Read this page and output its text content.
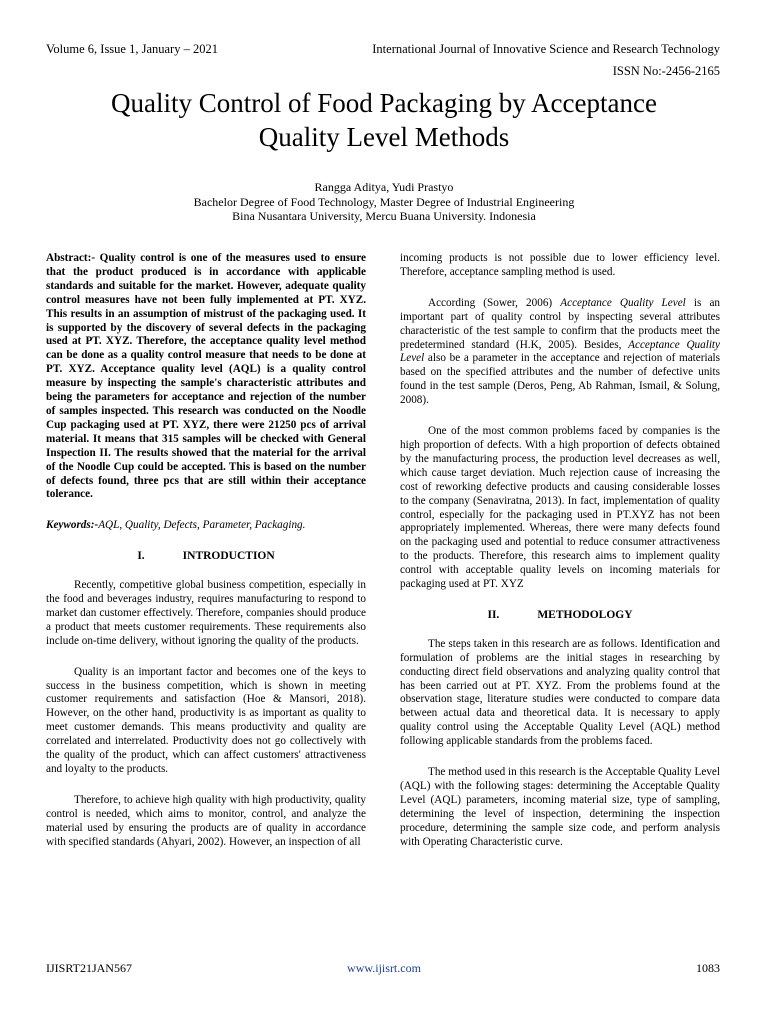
Volume 6, Issue 1, January – 2021	International Journal of Innovative Science and Research Technology
ISSN No:-2456-2165
Quality Control of Food Packaging by Acceptance
Quality Level Methods
Rangga Aditya, Yudi Prastyo
Bachelor Degree of Food Technology, Master Degree of Industrial Engineering
Bina Nusantara University, Mercu Buana University. Indonesia

Abstract:- Quality control is one of the measures used to ensure that the product produced is in accordance with applicable standards and suitable for the market. However, adequate quality control measures have not been fully implemented at PT. XYZ. This results in an assumption of mistrust of the packaging used. It is supported by the discovery of several defects in the packaging used at PT. XYZ. Therefore, the acceptance quality level method can be done as a quality control measure that needs to be done at PT. XYZ. Acceptance quality level (AQL) is a quality control measure by inspecting the sample's characteristic attributes and being the parameters for acceptance and rejection of the number of samples inspected. This research was conducted on the Noodle Cup packaging used at PT. XYZ, there were 21250 pcs of arrival material. It means that 315 samples will be checked with General Inspection II. The results showed that the material for the arrival of the Noodle Cup could be accepted. This is based on the number of defects found, three pcs that are still within their acceptance tolerance.

Keywords:-AQL, Quality, Defects, Parameter, Packaging.

I.	INTRODUCTION

Recently, competitive global business competition, especially in the food and beverages industry, requires manufacturing to respond to market dan customer effectively. Therefore, companies should produce a product that meets customer requirements. These requirements also include on-time delivery, without ignoring the quality of the products.

Quality is an important factor and becomes one of the keys to success in the business competition, which is shown in meeting customer requirements and satisfaction (Hoe & Mansori, 2018). However, on the other hand, productivity is as important as quality to meet customer demands. This means productivity and quality are correlated and interrelated. Productivity does not go collectively with the quality of the product, which can affect customers' attractiveness and loyalty to the products.

Therefore, to achieve high quality with high productivity, quality control is needed, which aims to monitor, control, and analyze the material used by ensuring the products are of quality in accordance with specified standards (Ahyari, 2002). However, an inspection of all

incoming products is not possible due to lower efficiency level. Therefore, acceptance sampling method is used.

According (Sower, 2006) Acceptance Quality Level is an important part of quality control by inspecting several attributes characteristic of the test sample to confirm that the products meet the predetermined standard (H.K, 2005). Besides, Acceptance Quality Level also be a parameter in the acceptance and rejection of materials based on the specified attributes and the number of defective units found in the test sample (Deros, Peng, Ab Rahman, Ismail, & Solung, 2008).

One of the most common problems faced by companies is the high proportion of defects. With a high proportion of defects obtained by the manufacturing process, the production level decreases as well, which cause target deviation. Much rejection cause of increasing the cost of reworking defective products and causing considerable losses to the company (Senaviratna, 2013). In fact, implementation of quality control, especially for the packaging used in PT.XYZ has not been appropriately implemented. Whereas, there were many defects found on the packaging used and potential to reduce consumer attractiveness to the products. Therefore, this research aims to implement quality control with acceptable quality levels on incoming materials for packaging used at PT. XYZ

II.	METHODOLOGY

The steps taken in this research are as follows. Identification and formulation of problems are the initial stages in researching by conducting direct field observations and analyzing quality control that has been carried out at PT. XYZ. From the problems found at the observation stage, literature studies were conducted to compare data between actual data and theoretical data. It is necessary to apply quality control using the Acceptable Quality Level (AQL) method following applicable standards from the problems faced.

The method used in this research is the Acceptable Quality Level (AQL) with the following stages: determining the Acceptable Quality Level (AQL) parameters, incoming material size, type of sampling, determining the level of inspection, determining the inspection procedure, determining the sample size code, and perform analysis with Operating Characteristic curve.

IJISRT21JAN567	www.ijisrt.com	1083
